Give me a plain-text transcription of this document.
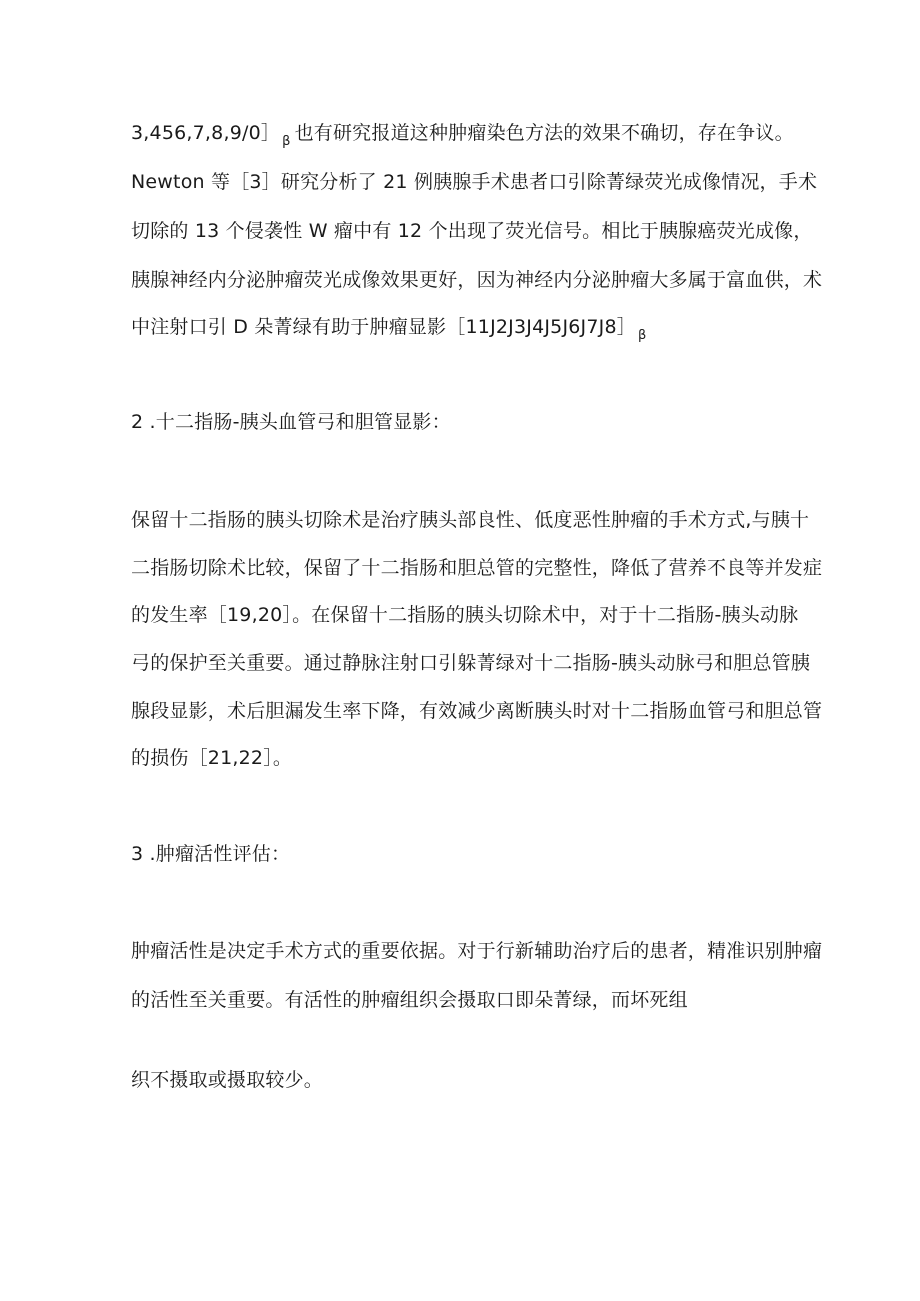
3,456,7,8,9/0］ $_\beta$ 也有研究报道这种肿瘤染色方法的效果不确切，存在争议。
Newton 等［3］研究分析了 21 例胰腺手术患者口引除菁绿荧光成像情况，手术
切除的 13 个侵袭性 W 瘤中有 12 个出现了荧光信号。相比于胰腺癌荧光成像，
胰腺神经内分泌肿瘤荧光成像效果更好，因为神经内分泌肿瘤大多属于富血供，术
中注射口引 D 朵菁绿有助于肿瘤显影［11J2J3J4J5J6J7J8］ $_\beta$
2 .十二指肠-胰头血管弓和胆管显影：
保留十二指肠的胰头切除术是治疗胰头部良性、低度恶性肿瘤的手术方式,与胰十
二指肠切除术比较，保留了十二指肠和胆总管的完整性，降低了营养不良等并发症
的发生率［19,20］。在保留十二指肠的胰头切除术中，对于十二指肠-胰头动脉
弓的保护至关重要。通过静脉注射口引躲菁绿对十二指肠-胰头动脉弓和胆总管胰
腺段显影，术后胆漏发生率下降，有效减少离断胰头时对十二指肠血管弓和胆总管
的损伤［21,22］。
3 .肿瘤活性评估：
肿瘤活性是决定手术方式的重要依据。对于行新辅助治疗后的患者，精准识别肿瘤
的活性至关重要。有活性的肿瘤组织会摄取口即朵菁绿，而坏死组
织不摄取或摄取较少。
